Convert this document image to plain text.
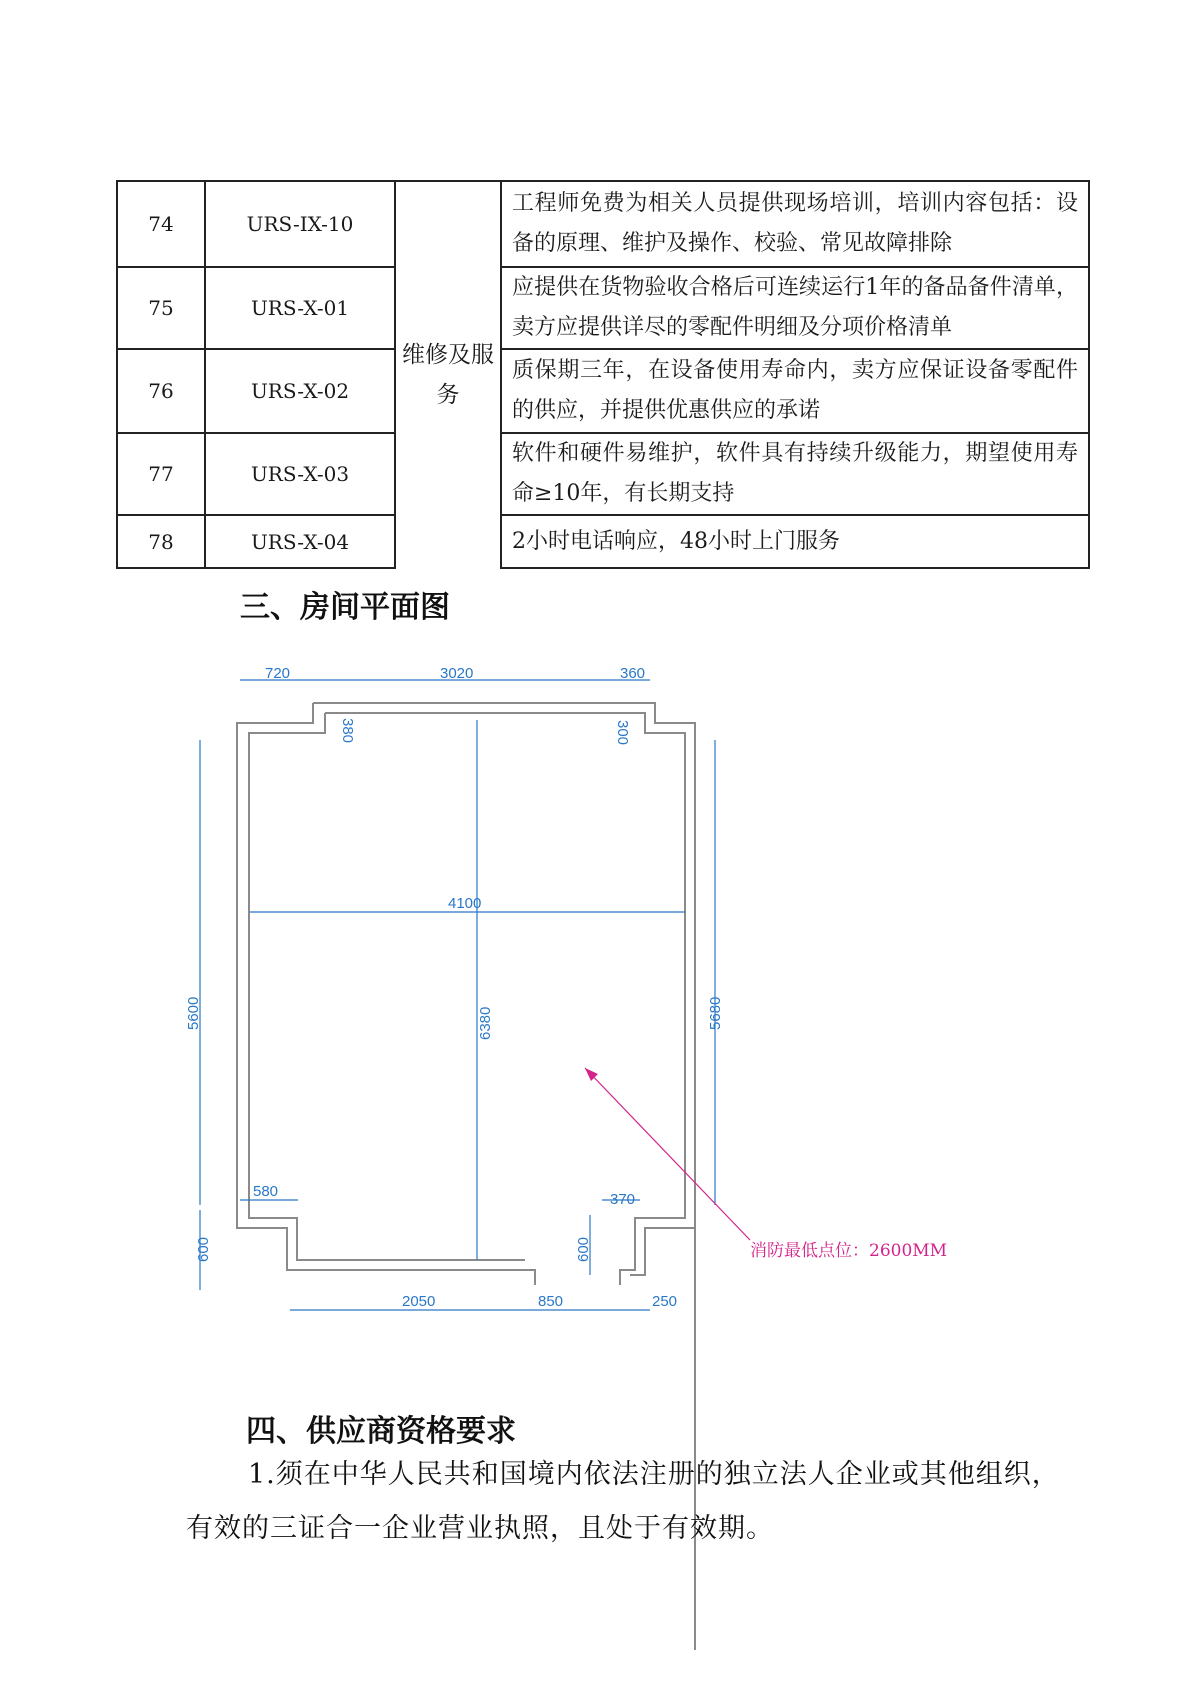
74	URS-IX-10	维修及服务	工程师免费为相关人员提供现场培训，培训内容包括：设备的原理、维护及操作、校验、常见故障排除
75	URS-X-01		应提供在货物验收合格后可连续运行1年的备品备件清单，卖方应提供详尽的零配件明细及分项价格清单
76	URS-X-02		质保期三年，在设备使用寿命内，卖方应保证设备零配件的供应，并提供优惠供应的承诺
77	URS-X-03		软件和硬件易维护，软件具有持续升级能力，期望使用寿命≥10年，有长期支持
78	URS-X-04		2小时电话响应，48小时上门服务
三、房间平面图
720	3020	360
380	300
4100
5600	6380	5680
580	370
600	600
2050	850	250
消防最低点位：2600MM
四、供应商资格要求
1.须在中华人民共和国境内依法注册的独立法人企业或其他组织，有效的三证合一企业营业执照，且处于有效期。
